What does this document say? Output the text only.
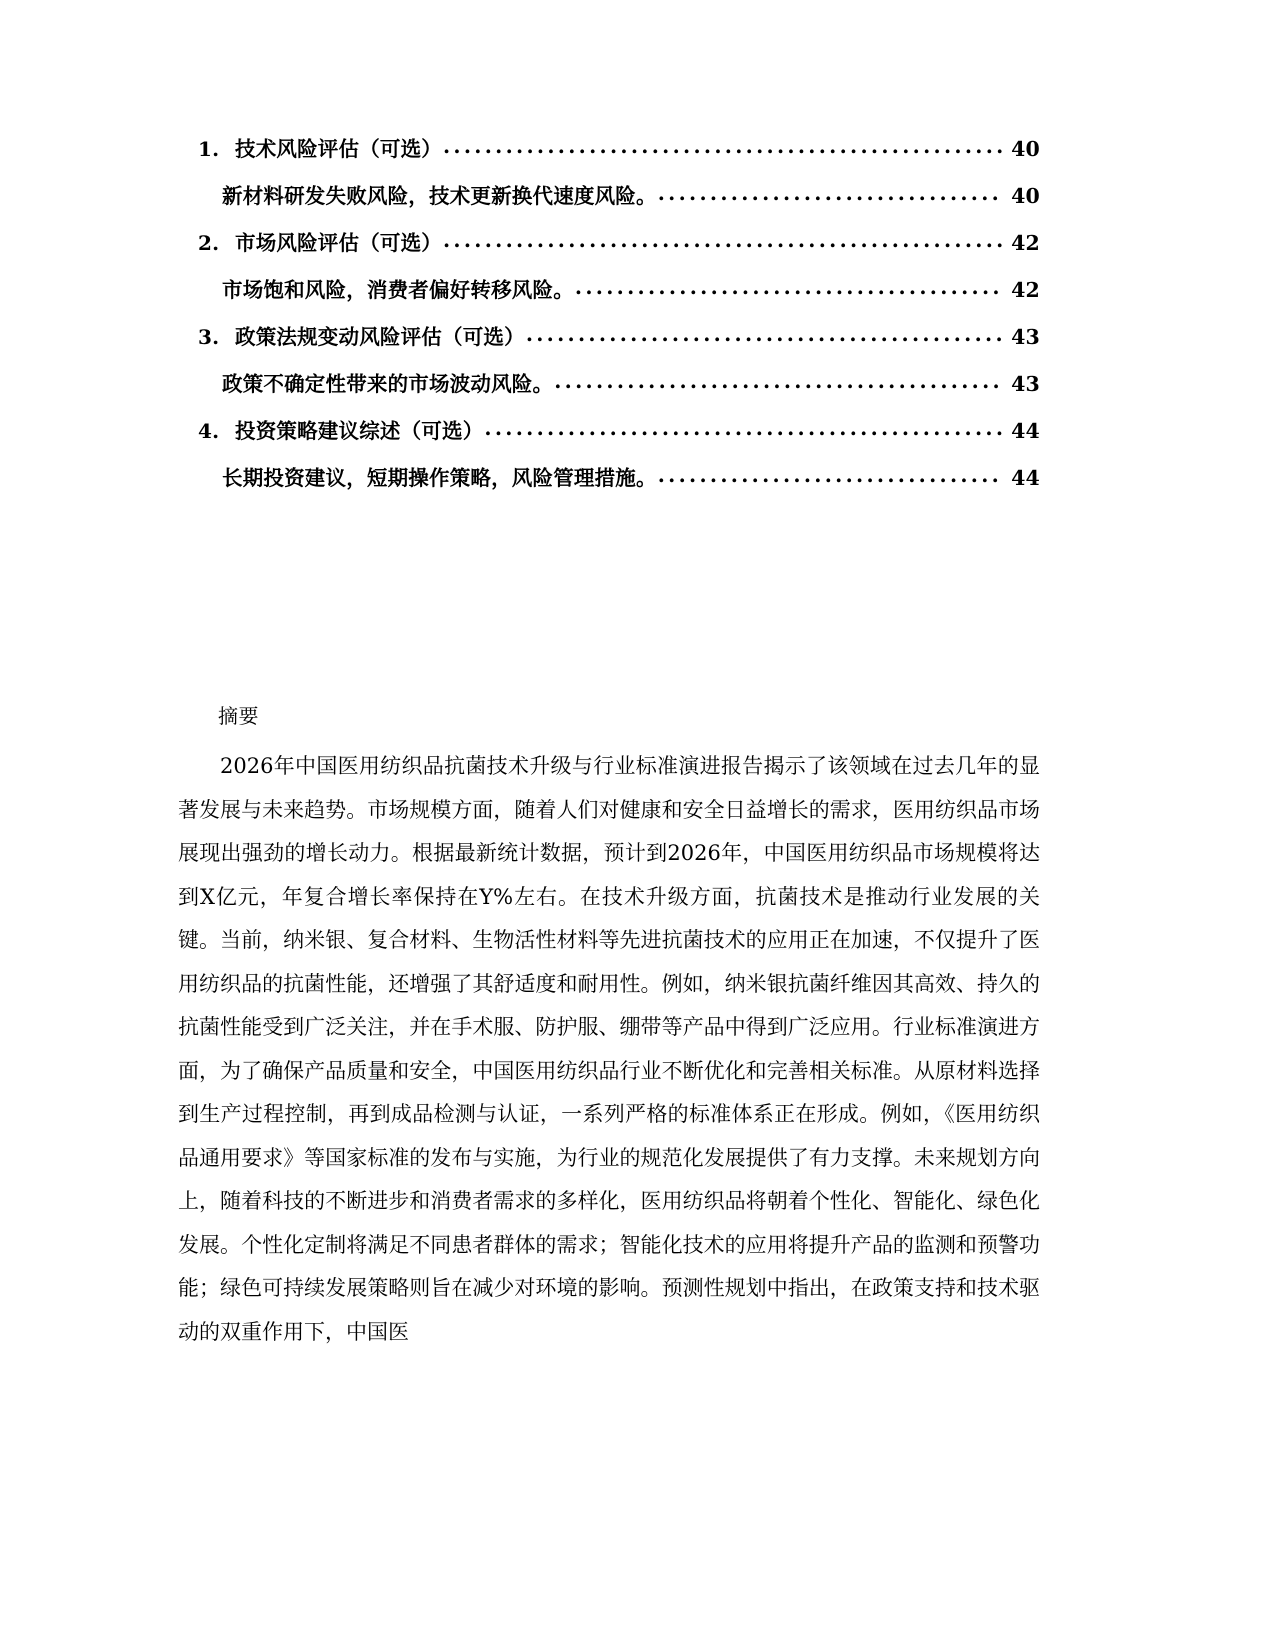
1. 技术风险评估（可选） .....	40
新材料研发失败风险，技术更新换代速度风险。 .....	40
2. 市场风险评估（可选） .....	42
市场饱和风险，消费者偏好转移风险。 .....	42
3. 政策法规变动风险评估（可选） .....	43
政策不确定性带来的市场波动风险。 .....	43
4. 投资策略建议综述（可选） .....	44
长期投资建议，短期操作策略，风险管理措施。 .....	44
摘要

2026年中国医用纺织品抗菌技术升级与行业标准演进报告揭示了该领域在过去几年的显著发展与未来趋势。市场规模方面，随着人们对健康和安全日益增长的需求，医用纺织品市场展现出强劲的增长动力。根据最新统计数据，预计到2026年，中国医用纺织品市场规模将达到X亿元，年复合增长率保持在Y%左右。在技术升级方面，抗菌技术是推动行业发展的关键。当前，纳米银、复合材料、生物活性材料等先进抗菌技术的应用正在加速，不仅提升了医用纺织品的抗菌性能，还增强了其舒适度和耐用性。例如，纳米银抗菌纤维因其高效、持久的抗菌性能受到广泛关注，并在手术服、防护服、绷带等产品中得到广泛应用。行业标准演进方面，为了确保产品质量和安全，中国医用纺织品行业不断优化和完善相关标准。从原材料选择到生产过程控制，再到成品检测与认证，一系列严格的标准体系正在形成。例如，《医用纺织品通用要求》等国家标准的发布与实施，为行业的规范化发展提供了有力支撑。未来规划方向上，随着科技的不断进步和消费者需求的多样化，医用纺织品将朝着个性化、智能化、绿色化发展。个性化定制将满足不同患者群体的需求；智能化技术的应用将提升产品的监测和预警功能；绿色可持续发展策略则旨在减少对环境的影响。预测性规划中指出，在政策支持和技术驱动的双重作用下，中国医
